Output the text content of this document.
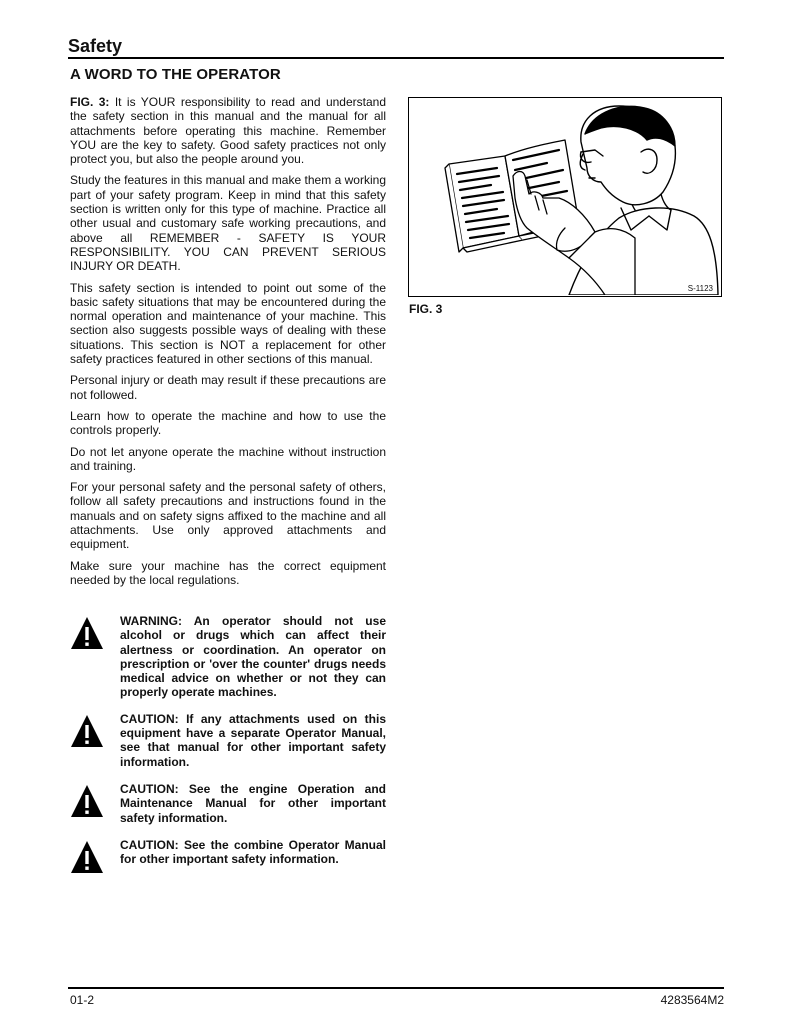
Safety
A WORD TO THE OPERATOR

FIG. 3: It is YOUR responsibility to read and understand the safety section in this manual and the manual for all attachments before operating this machine. Remember YOU are the key to safety. Good safety practices not only protect you, but also the people around you.

Study the features in this manual and make them a working part of your safety program. Keep in mind that this safety section is written only for this type of machine. Practice all other usual and customary safe working precautions, and above all REMEMBER - SAFETY IS YOUR RESPONSIBILITY. YOU CAN PREVENT SERIOUS INJURY OR DEATH.

This safety section is intended to point out some of the basic safety situations that may be encountered during the normal operation and maintenance of your machine. This section also suggests possible ways of dealing with these situations. This section is NOT a replacement for other safety practices featured in other sections of this manual.

Personal injury or death may result if these precautions are not followed.

Learn how to operate the machine and how to use the controls properly.

Do not let anyone operate the machine without instruction and training.

For your personal safety and the personal safety of others, follow all safety precautions and instructions found in the manuals and on safety signs affixed to the machine and all attachments. Use only approved attachments and equipment.

Make sure your machine has the correct equipment needed by the local regulations.

WARNING: An operator should not use alcohol or drugs which can affect their alertness or coordination. An operator on prescription or 'over the counter' drugs needs medical advice on whether or not they can properly operate machines.

CAUTION: If any attachments used on this equipment have a separate Operator Manual, see that manual for other important safety information.

CAUTION: See the engine Operation and Maintenance Manual for other important safety information.

CAUTION: See the combine Operator Manual for other important safety information.

S-1123

FIG. 3

01-2	4283564M2
